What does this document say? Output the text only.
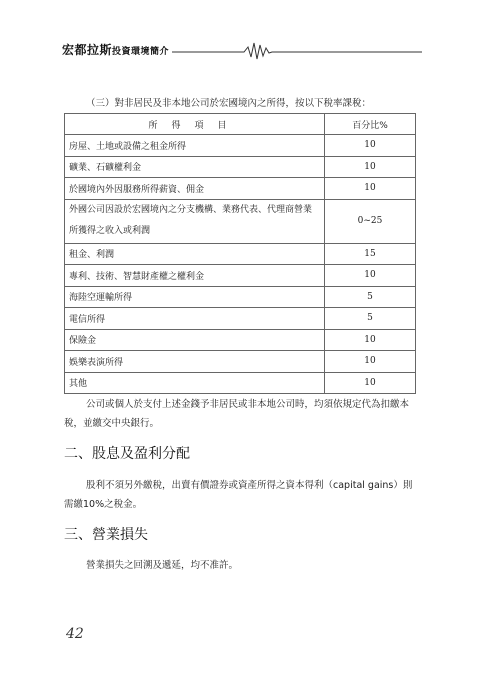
宏都拉斯投資環境簡介
（三）對非居民及非本地公司於宏國境內之所得，按以下稅率課稅：
所得項目	百分比%
房屋、土地或設備之租金所得	10
礦業、石礦權利金	10
於國境內外因服務所得薪資、佣金	10
外國公司因設於宏國境內之分支機構、業務代表、代理商營業所獲得之收入或利潤	0~25
租金、利潤	15
專利、技術、智慧財產權之權利金	10
海陸空運輸所得	5
電信所得	5
保險金	10
娛樂表演所得	10
其他	10
公司或個人於支付上述金錢予非居民或非本地公司時，均須依規定代為扣繳本稅，並繳交中央銀行。
二、股息及盈利分配
股利不須另外繳稅，出賣有價證券或資產所得之資本得利（capital gains）則需繳10%之稅金。
三、營業損失
營業損失之回溯及遞延，均不准許。
42
